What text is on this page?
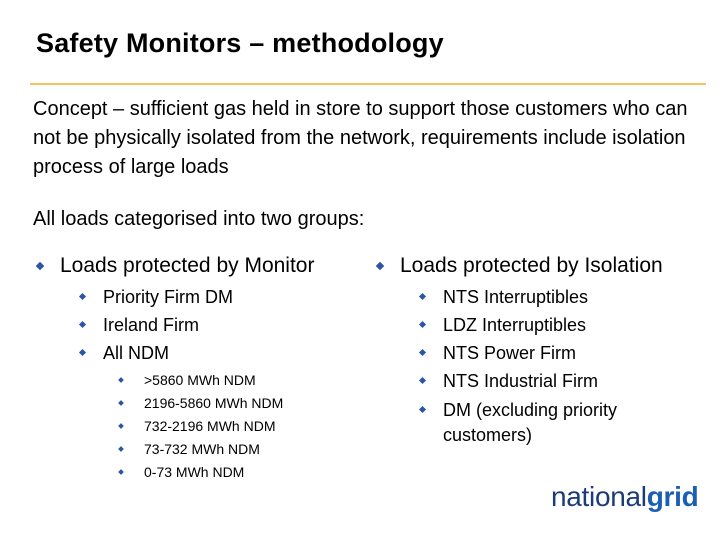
Safety Monitors – methodology
Concept – sufficient gas held in store to support those customers who can not be physically isolated from the network, requirements include isolation process of large loads
All loads categorised into two groups:
Loads protected by Monitor
Priority Firm DM
Ireland Firm
All NDM
>5860 MWh NDM
2196-5860 MWh NDM
732-2196 MWh NDM
73-732 MWh NDM
0-73 MWh NDM
Loads protected by Isolation
NTS Interruptibles
LDZ Interruptibles
NTS Power Firm
NTS Industrial Firm
DM (excluding priority
customers)
nationalgrid
